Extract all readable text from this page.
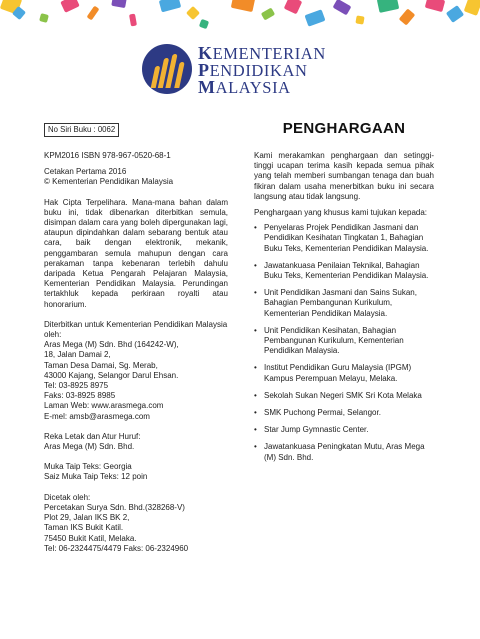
KEMENTERIAN
PENDIDIKAN
MALAYSIA
No Siri Buku : 0062	PENGHARGAAN

KPM2016 ISBN 978-967-0520-68-1

Cetakan Pertama 2016

© Kementerian Pendidikan Malaysia

Hak Cipta Terpelihara. Mana-mana bahan dalam buku ini, tidak dibenarkan diterbitkan semula, disimpan dalam cara yang boleh dipergunakan lagi, ataupun dipindahkan dalam sebarang bentuk atau cara, baik dengan elektronik, mekanik, penggambaran semula mahupun dengan cara perakaman tanpa kebenaran terlebih dahulu daripada Ketua Pengarah Pelajaran Malaysia, Kementerian Pendidikan Malaysia. Perundingan tertakhluk kepada perkiraan royalti atau honorarium.

Diterbitkan untuk Kementerian Pendidikan Malaysia oleh:

Aras Mega (M) Sdn. Bhd (164242-W),

18, Jalan Damai 2,

Taman Desa Damai, Sg. Merab,

43000 Kajang, Selangor Darul Ehsan.

Tel: 03-8925 8975

Faks: 03-8925 8985

Laman Web: www.arasmega.com

E-mel: amsb@arasmega.com

Reka Letak dan Atur Huruf:

Aras Mega (M) Sdn. Bhd.

Muka Taip Teks: Georgia

Saiz Muka Taip Teks: 12 poin

Dicetak oleh:

Percetakan Surya Sdn. Bhd.(328268-V)

Plot 29, Jalan IKS BK 2,

Taman IKS Bukit Katil.

75450 Bukit Katil, Melaka.

Tel: 06-2324475/4479 Faks: 06-2324960

Kami merakamkan penghargaan dan setinggi-tinggi ucapan terima kasih kepada semua pihak yang telah memberi sumbangan tenaga dan buah fikiran dalam usaha menerbitkan buku ini secara langsung atau tidak langsung.

Penghargaan yang khusus kami tujukan kepada:

• Penyelaras Projek Pendidikan Jasmani dan Pendidikan Kesihatan Tingkatan 1, Bahagian Buku Teks, Kementerian Pendidikan Malaysia.
• Jawatankuasa Penilaian Teknikal, Bahagian Buku Teks, Kementerian Pendidikan Malaysia.
• Unit Pendidikan Jasmani dan Sains Sukan, Bahagian Pembangunan Kurikulum, Kementerian Pendidikan Malaysia.
• Unit Pendidikan Kesihatan, Bahagian Pembangunan Kurikulum, Kementerian Pendidikan Malaysia.
• Institut Pendidikan Guru Malaysia (IPGM) Kampus Perempuan Melayu, Melaka.
• Sekolah Sukan Negeri SMK Sri Kota Melaka
• SMK Puchong Permai, Selangor.
• Star Jump Gymnastic Center.
• Jawatankuasa Peningkatan Mutu, Aras Mega (M) Sdn. Bhd.
